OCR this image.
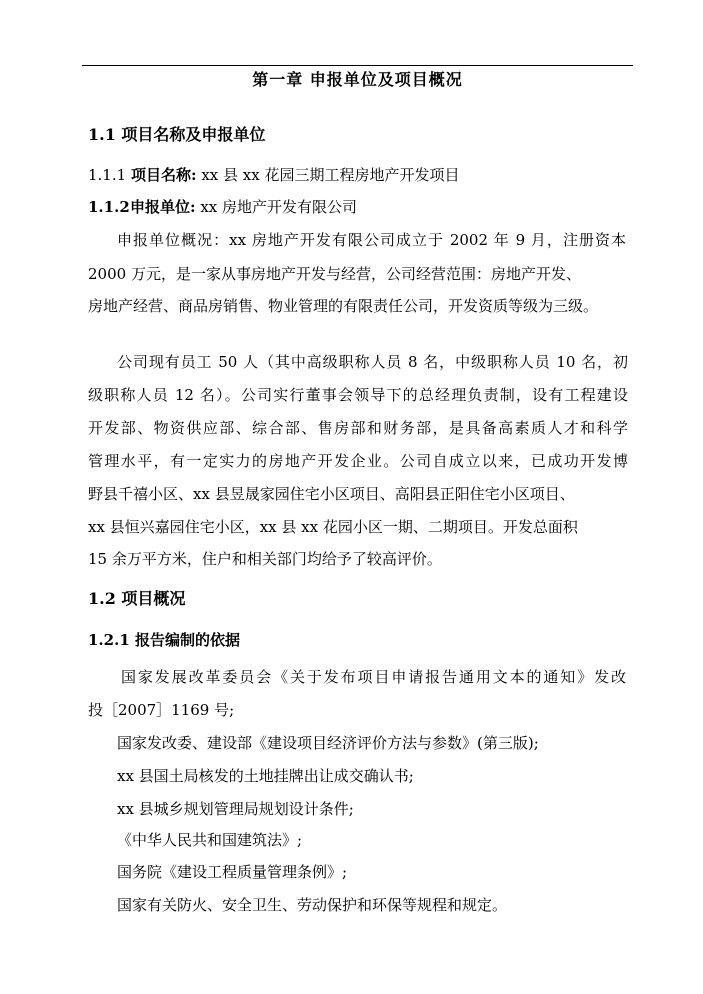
第一章 申报单位及项目概况
1.1 项目名称及申报单位
1.1.1 项目名称: xx 县 xx 花园三期工程房地产开发项目
1.1.2申报单位: xx 房地产开发有限公司
申报单位概况：xx 房地产开发有限公司成立于 2002 年 9 月，注册资本
2000 万元，是一家从事房地产开发与经营，公司经营范围：房地产开发、
房地产经营、商品房销售、物业管理的有限责任公司，开发资质等级为三级。
公司现有员工 50 人（其中高级职称人员 8 名，中级职称人员 10 名，初
级职称人员 12 名）。公司实行董事会领导下的总经理负责制，设有工程建设
开发部、物资供应部、综合部、售房部和财务部，是具备高素质人才和科学
管理水平，有一定实力的房地产开发企业。公司自成立以来，已成功开发博
野县千禧小区、xx 县昱晟家园住宅小区项目、高阳县正阳住宅小区项目、
xx 县恒兴嘉园住宅小区，xx 县 xx 花园小区一期、二期项目。开发总面积
15 余万平方米，住户和相关部门均给予了较高评价。
1.2 项目概况
1.2.1 报告编制的依据
国家发展改革委员会《关于发布项目申请报告通用文本的通知》发改
投［2007］1169 号;
国家发改委、建设部《建设项目经济评价方法与参数》(第三版);
xx 县国土局核发的土地挂牌出让成交确认书;
xx 县城乡规划管理局规划设计条件;
《中华人民共和国建筑法》;
国务院《建设工程质量管理条例》;
国家有关防火、安全卫生、劳动保护和环保等规程和规定。
